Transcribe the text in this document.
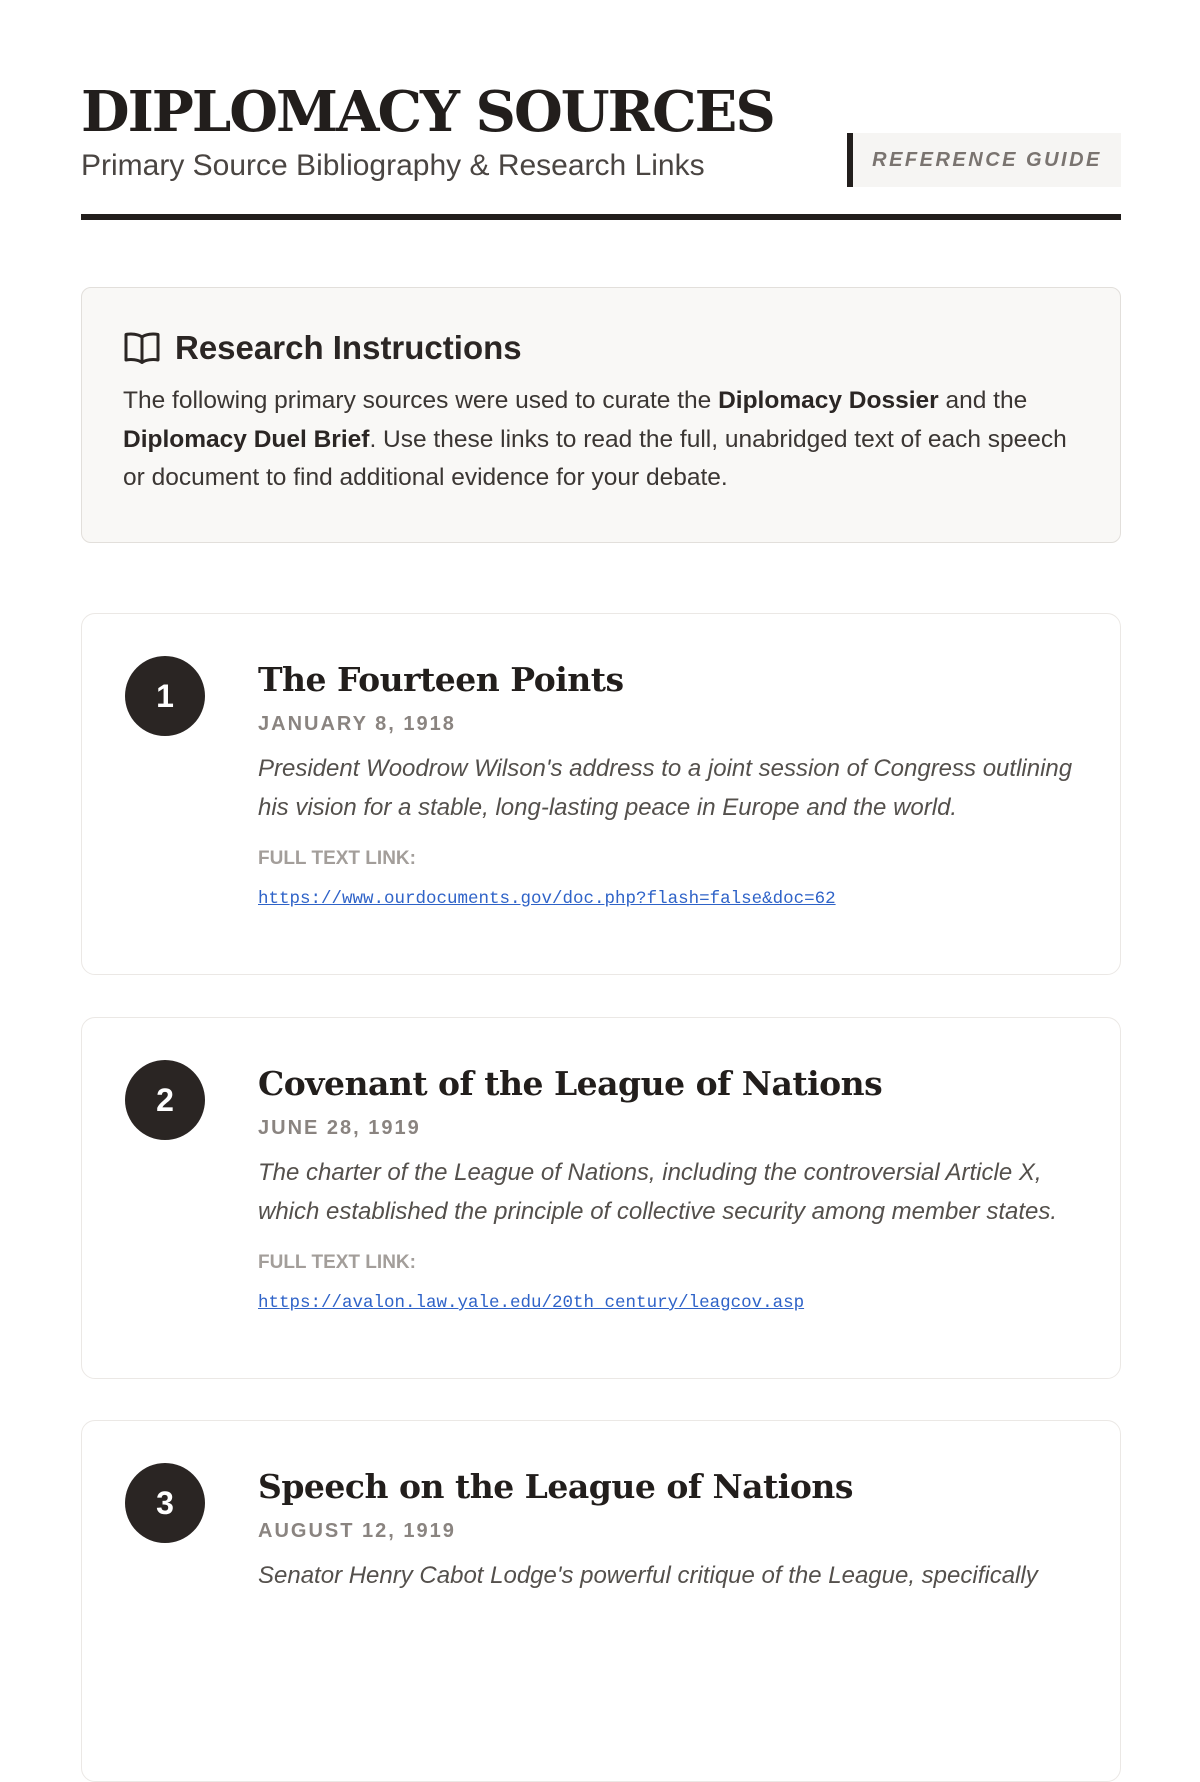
DIPLOMACY SOURCES

Primary Source Bibliography & Research Links	REFERENCE GUIDE
Research Instructions
The following primary sources were used to curate the Diplomacy Dossier and the Diplomacy Duel Brief. Use these links to read the full, unabridged text of each speech or document to find additional evidence for your debate.
1	The Fourteen Points
JANUARY 8, 1918
President Woodrow Wilson's address to a joint session of Congress outlining his vision for a stable, long-lasting peace in Europe and the world.
FULL TEXT LINK:
https://www.ourdocuments.gov/doc.php?flash=false&doc=62
2	Covenant of the League of Nations
JUNE 28, 1919
The charter of the League of Nations, including the controversial Article X, which established the principle of collective security among member states.
FULL TEXT LINK:
https://avalon.law.yale.edu/20th_century/leagcov.asp
3	Speech on the League of Nations
AUGUST 12, 1919
Senator Henry Cabot Lodge's powerful critique of the League, specifically
